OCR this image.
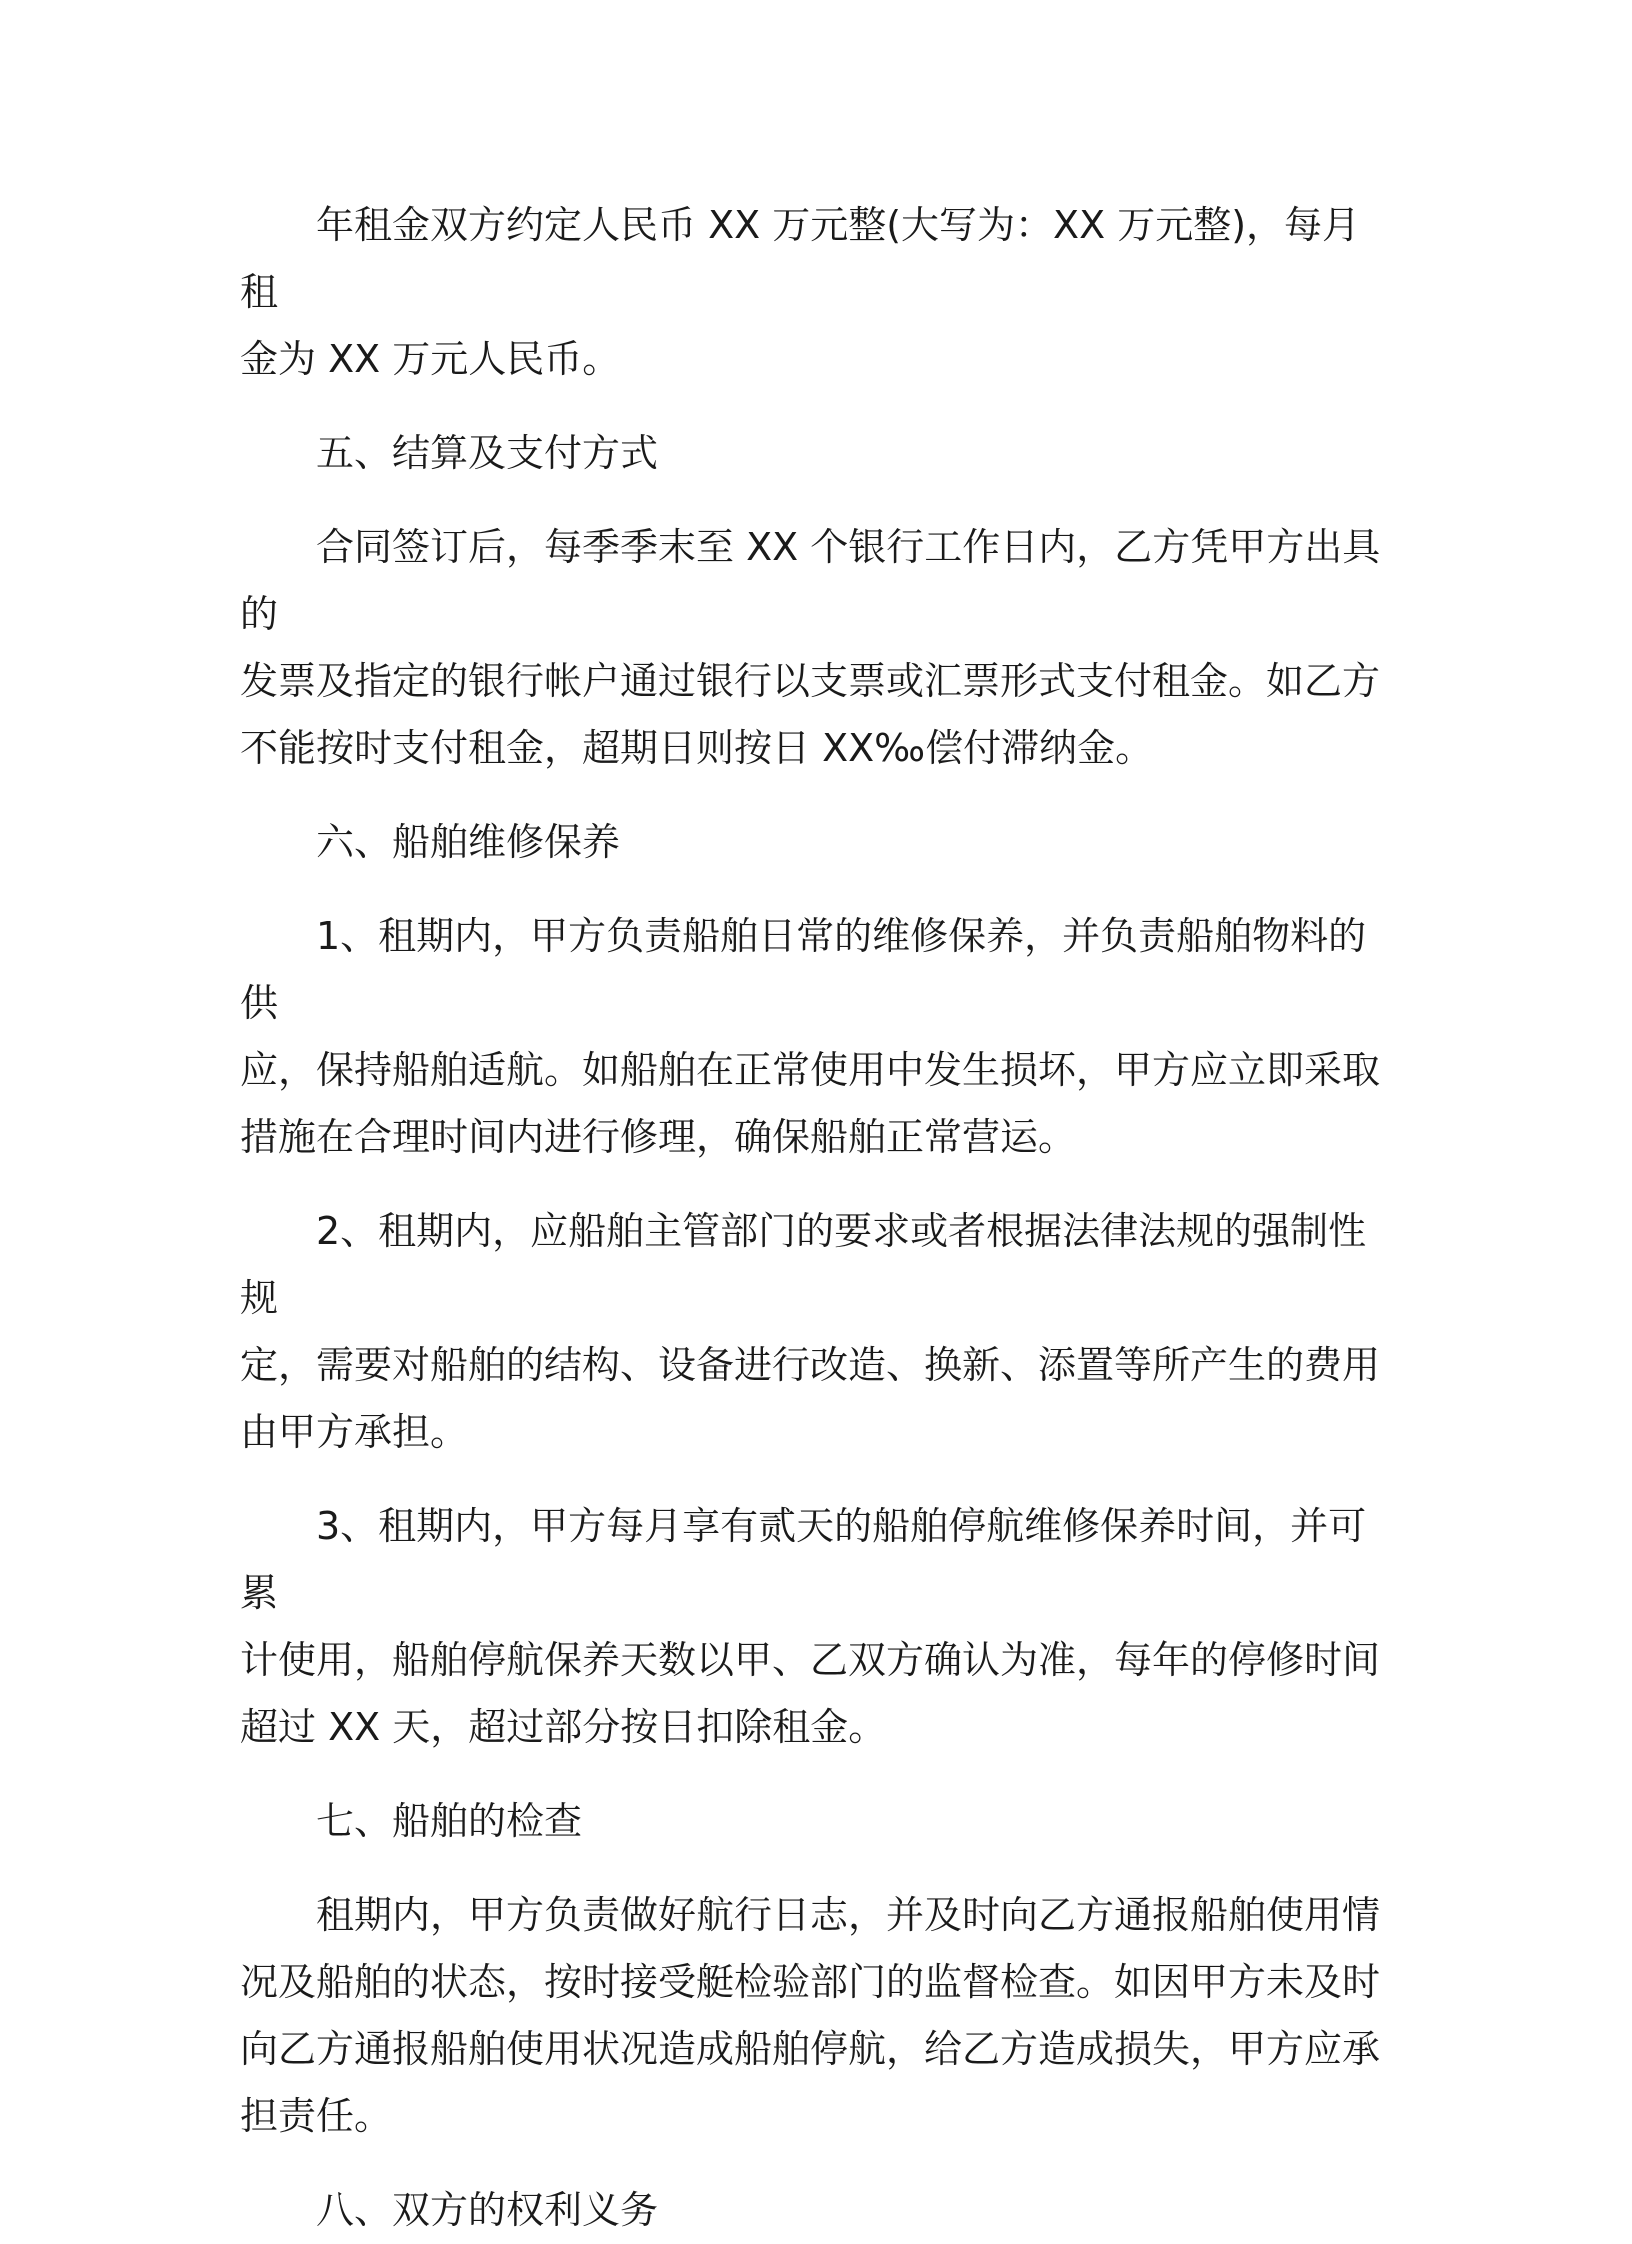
年租金双方约定人民币 XX 万元整(大写为：XX 万元整)，每月租
金为 XX 万元人民币。
五、结算及支付方式
合同签订后，每季季末至 XX 个银行工作日内，乙方凭甲方出具的
发票及指定的银行帐户通过银行以支票或汇票形式支付租金。如乙方
不能按时支付租金，超期日则按日 XX‰偿付滞纳金。
六、船舶维修保养
1、租期内，甲方负责船舶日常的维修保养，并负责船舶物料的供
应，保持船舶适航。如船舶在正常使用中发生损坏，甲方应立即采取
措施在合理时间内进行修理，确保船舶正常营运。
2、租期内，应船舶主管部门的要求或者根据法律法规的强制性规
定，需要对船舶的结构、设备进行改造、换新、添置等所产生的费用
由甲方承担。
3、租期内，甲方每月享有贰天的船舶停航维修保养时间，并可累
计使用，船舶停航保养天数以甲、乙双方确认为准，每年的停修时间
超过 XX 天，超过部分按日扣除租金。
七、船舶的检查
租期内，甲方负责做好航行日志，并及时向乙方通报船舶使用情
况及船舶的状态，按时接受艇检验部门的监督检查。如因甲方未及时
向乙方通报船舶使用状况造成船舶停航，给乙方造成损失，甲方应承
担责任。
八、双方的权利义务
